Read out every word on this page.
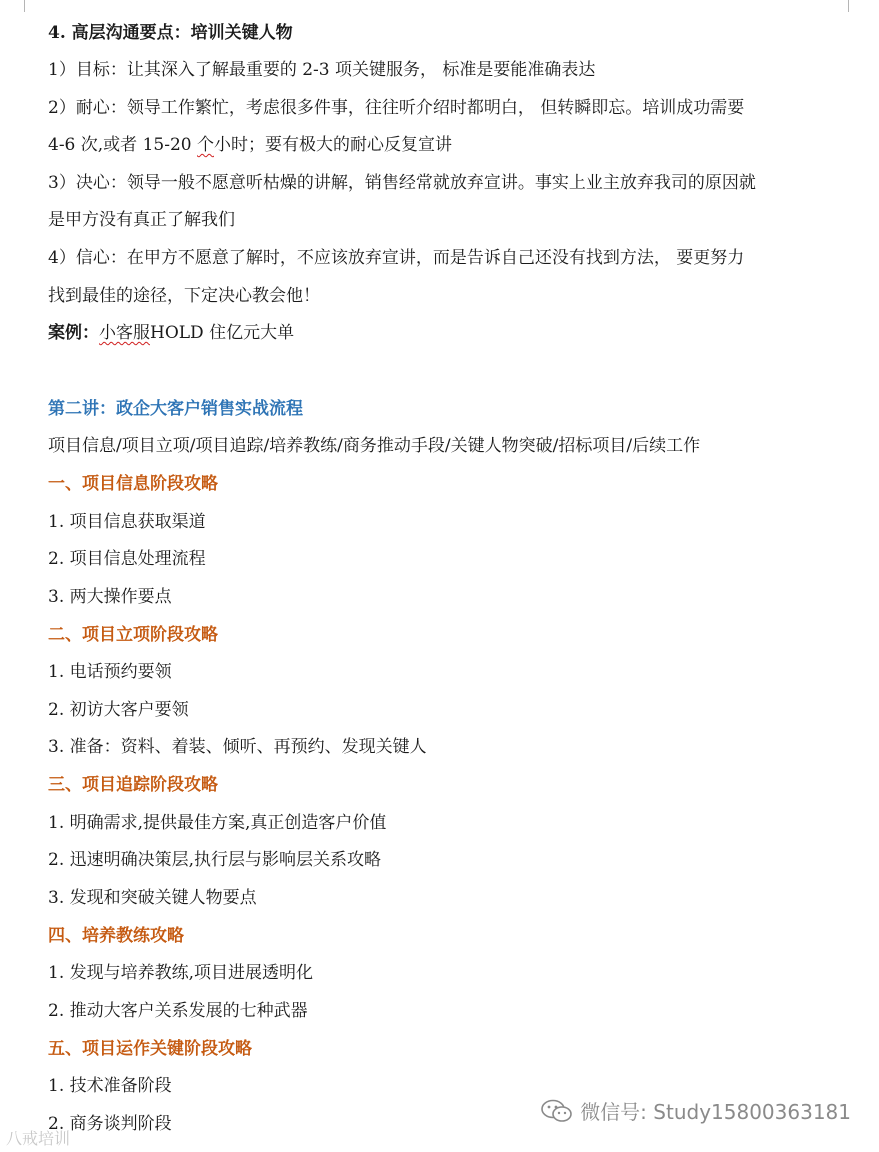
4. 高层沟通要点：培训关键人物
1）目标：让其深入了解最重要的 2-3 项关键服务， 标准是要能准确表达
2）耐心：领导工作繁忙，考虑很多件事，往往听介绍时都明白， 但转瞬即忘。培训成功需要
4-6 次,或者 15-20 个小时；要有极大的耐心反复宣讲
3）决心：领导一般不愿意听枯燥的讲解，销售经常就放弃宣讲。事实上业主放弃我司的原因就
是甲方没有真正了解我们
4）信心：在甲方不愿意了解时，不应该放弃宣讲，而是告诉自己还没有找到方法， 要更努力
找到最佳的途径，下定决心教会他！
案例：小客服HOLD 住亿元大单
第二讲：政企大客户销售实战流程
项目信息/项目立项/项目追踪/培养教练/商务推动手段/关键人物突破/招标项目/后续工作
一、项目信息阶段攻略
1. 项目信息获取渠道
2. 项目信息处理流程
3. 两大操作要点
二、项目立项阶段攻略
1. 电话预约要领
2. 初访大客户要领
3. 准备：资料、着装、倾听、再预约、发现关键人
三、项目追踪阶段攻略
1. 明确需求,提供最佳方案,真正创造客户价值
2. 迅速明确决策层,执行层与影响层关系攻略
3. 发现和突破关键人物要点
四、培养教练攻略
1. 发现与培养教练,项目进展透明化
2. 推动大客户关系发展的七种武器
五、项目运作关键阶段攻略
1. 技术准备阶段
2. 商务谈判阶段	微信号: Study15800363181
八戒培训
